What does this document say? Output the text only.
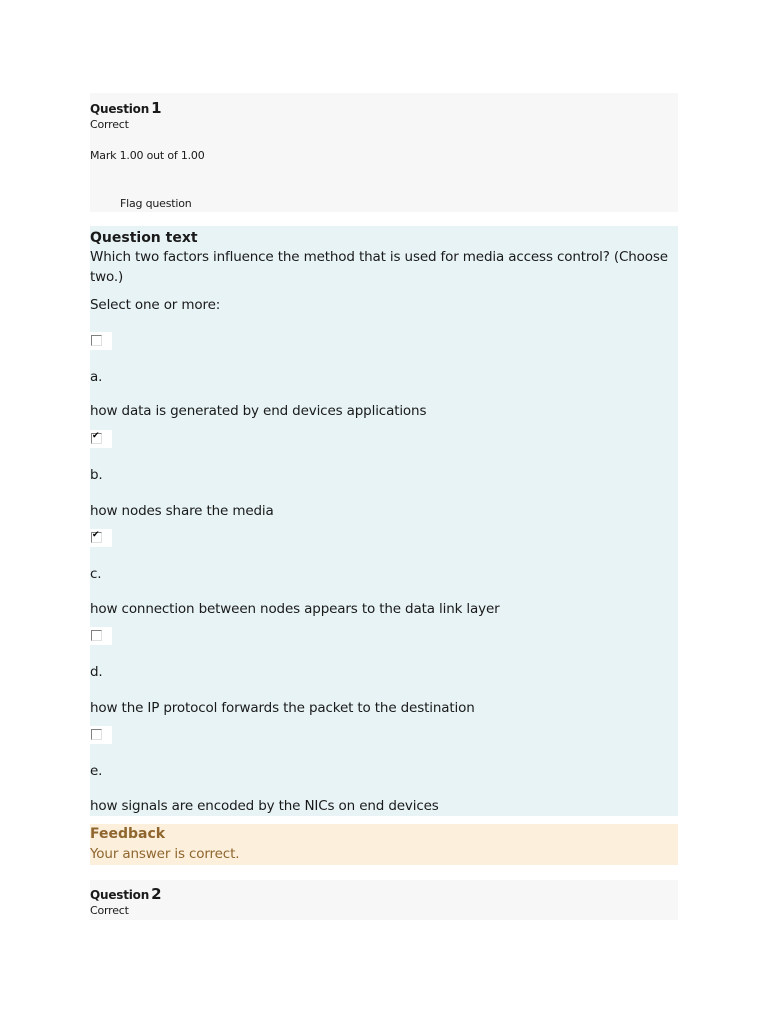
Question 1
Correct
Mark 1.00 out of 1.00
Flag question
Question text
Which two factors influence the method that is used for media access control? (Choose
two.)
Select one or more:
a.
how data is generated by end devices applications
✔
b.
how nodes share the media
✔
c.
how connection between nodes appears to the data link layer
d.
how the IP protocol forwards the packet to the destination
e.
how signals are encoded by the NICs on end devices
Feedback
Your answer is correct.
Question 2
Correct
